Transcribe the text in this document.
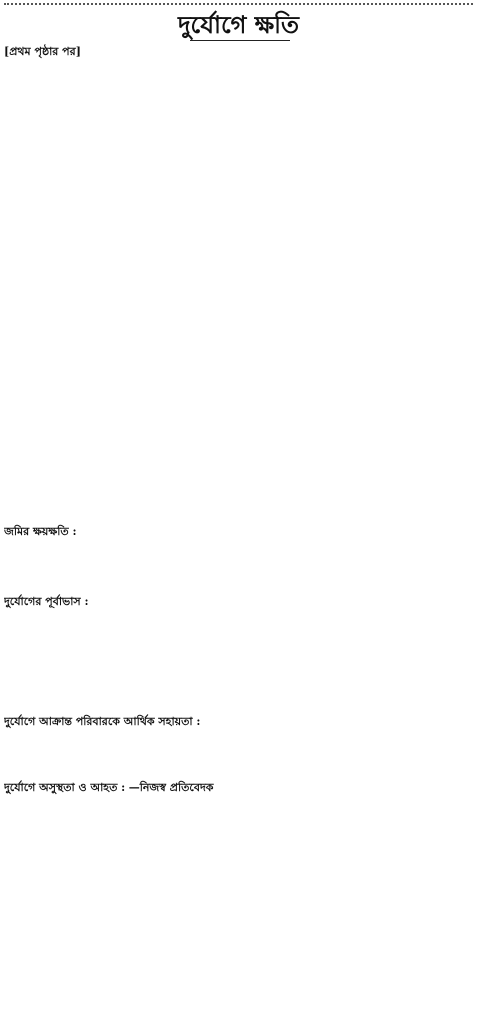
দুর্যোগে ক্ষতি

[প্রথম পৃষ্ঠার পর]

জমির ক্ষয়ক্ষতি :

দুর্যোগের পূর্বাভাস :

দুর্যোগে আক্রান্ত পরিবারকে আর্থিক সহায়তা :

দুর্যোগে অসুস্থতা ও আহত : —নিজস্ব প্রতিবেদক
